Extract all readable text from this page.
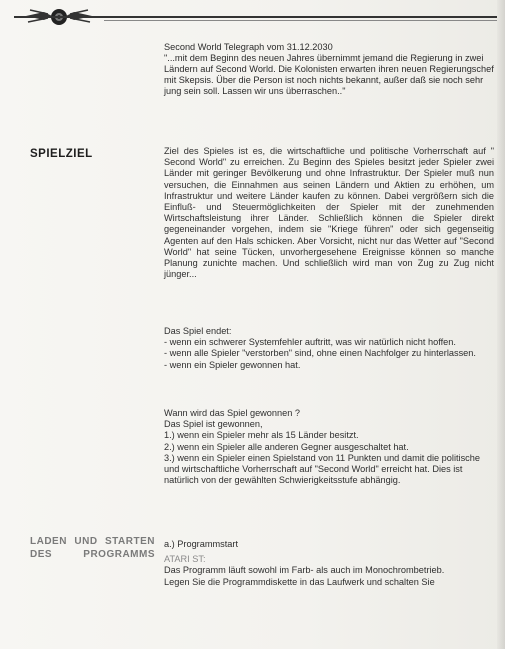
Second World Telegraph vom 31.12.2030

"...mit dem Beginn des neuen Jahres übernimmt jemand die Regierung in zwei Ländern auf Second World. Die Kolonisten erwarten ihren neuen Regierungschef mit Skepsis. Über die Person ist noch nichts bekannt, außer daß sie noch sehr jung sein soll. Lassen wir uns überraschen.."

SPIELZIEL	Ziel des Spieles ist es, die wirtschaftliche und politische Vorherrschaft auf " Second World" zu erreichen. Zu Beginn des Spieles besitzt jeder Spieler zwei Länder mit geringer Bevölkerung und ohne Infrastruktur. Der Spieler muß nun versuchen, die Einnahmen aus seinen Ländern und Aktien zu erhöhen, um Infrastruktur und weitere Länder kaufen zu können. Dabei vergrößern sich die Einfluß- und Steuermöglichkeiten der Spieler mit der zunehmenden Wirtschaftsleistung ihrer Länder. Schließlich können die Spieler direkt gegeneinander vorgehen, indem sie "Kriege führen" oder sich gegenseitig Agenten auf den Hals schicken. Aber Vorsicht, nicht nur das Wetter auf "Second World" hat seine Tücken, unvorhergesehene Ereignisse können so manche Planung zunichte machen. Und schließlich wird man von Zug zu Zug nicht jünger...

Das Spiel endet:
- wenn ein schwerer Systemfehler auftritt, was wir natürlich nicht hoffen.
- wenn alle Spieler "verstorben" sind, ohne einen Nachfolger zu hinterlassen.
- wenn ein Spieler gewonnen hat.
Wann wird das Spiel gewonnen ?
Das Spiel ist gewonnen,
1.) wenn ein Spieler mehr als 15 Länder besitzt.
2.) wenn ein Spieler alle anderen Gegner ausgeschaltet hat.
3.) wenn ein Spieler einen Spielstand von 11 Punkten und damit die politische und wirtschaftliche Vorherrschaft auf "Second World" erreicht hat. Dies ist natürlich von der gewählten Schwierigkeitsstufe abhängig.
LADEN UND STARTEN DES PROGRAMMS
a.) Programmstart
ATARI ST:
Das Programm läuft sowohl im Farb- als auch im Monochrombetrieb.
Legen Sie die Programmdiskette in das Laufwerk und schalten Sie
